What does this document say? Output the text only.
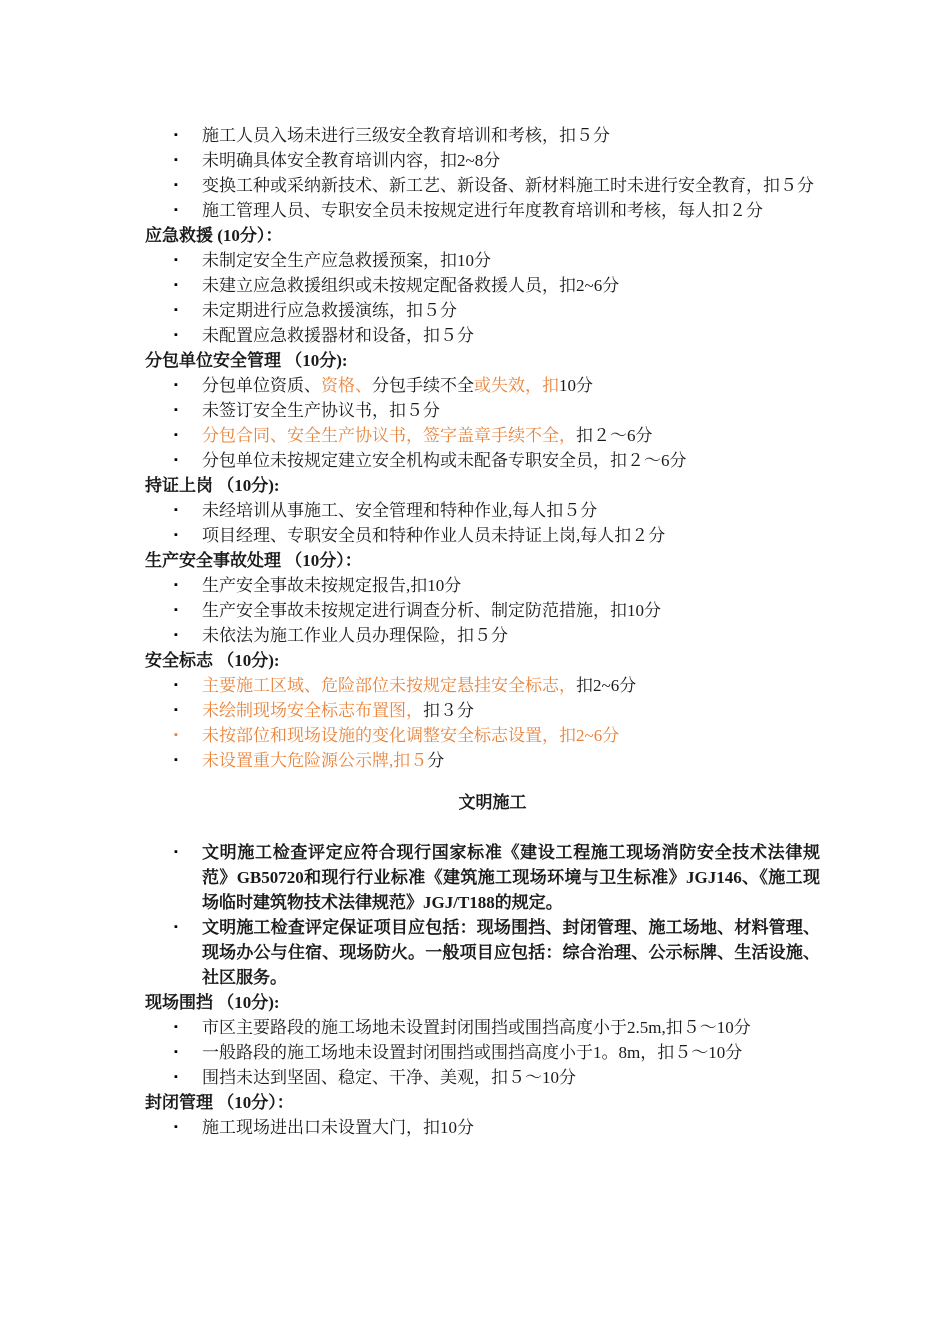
▪ 施工人员入场未进行三级安全教育培训和考核，扣５分
▪ 未明确具体安全教育培训内容，扣2~8分
▪ 变换工种或采纳新技术、新工艺、新设备、新材料施工时未进行安全教育，扣５分
▪ 施工管理人员、专职安全员未按规定进行年度教育培训和考核，每人扣２分
应急救援 (10分）：
▪ 未制定安全生产应急救援预案，扣10分
▪ 未建立应急救援组织或未按规定配备救援人员，扣2~6分
▪ 未定期进行应急救援演练，扣５分
▪ 未配置应急救援器材和设备，扣５分
分包单位安全管理 （10分):
▪ 分包单位资质、资格、分包手续不全或失效，扣10分
▪ 未签订安全生产协议书，扣５分
▪ 分包合同、安全生产协议书，签字盖章手续不全，扣２～6分
▪ 分包单位未按规定建立安全机构或未配备专职安全员，扣２～6分
持证上岗 （10分):
▪ 未经培训从事施工、安全管理和特种作业,每人扣５分
▪ 项目经理、专职安全员和特种作业人员未持证上岗,每人扣２分
生产安全事故处理 （10分）：
▪ 生产安全事故未按规定报告,扣10分
▪ 生产安全事故未按规定进行调查分析、制定防范措施，扣10分
▪ 未依法为施工作业人员办理保险，扣５分
安全标志 （10分):
▪ 主要施工区域、危险部位未按规定悬挂安全标志，扣2~6分
▪ 未绘制现场安全标志布置图，扣３分
▪ 未按部位和现场设施的变化调整安全标志设置，扣2~6分
▪ 未设置重大危险源公示牌,扣５分
文明施工
▪ 文明施工检查评定应符合现行国家标准《建设工程施工现场消防安全技术法律规范》GB50720和现行行业标准《建筑施工现场环境与卫生标准》JGJ146、《施工现场临时建筑物技术法律规范》JGJ/T188的规定。
▪ 文明施工检查评定保证项目应包括：现场围挡、封闭管理、施工场地、材料管理、现场办公与住宿、现场防火。一般项目应包括：综合治理、公示标牌、生活设施、社区服务。
现场围挡 （10分):
▪ 市区主要路段的施工场地未设置封闭围挡或围挡高度小于2.5m,扣５～10分
▪ 一般路段的施工场地未设置封闭围挡或围挡高度小于1。8m，扣５～10分
▪ 围挡未达到坚固、稳定、干净、美观，扣５～10分
封闭管理 （10分）：
▪ 施工现场进出口未设置大门，扣10分
